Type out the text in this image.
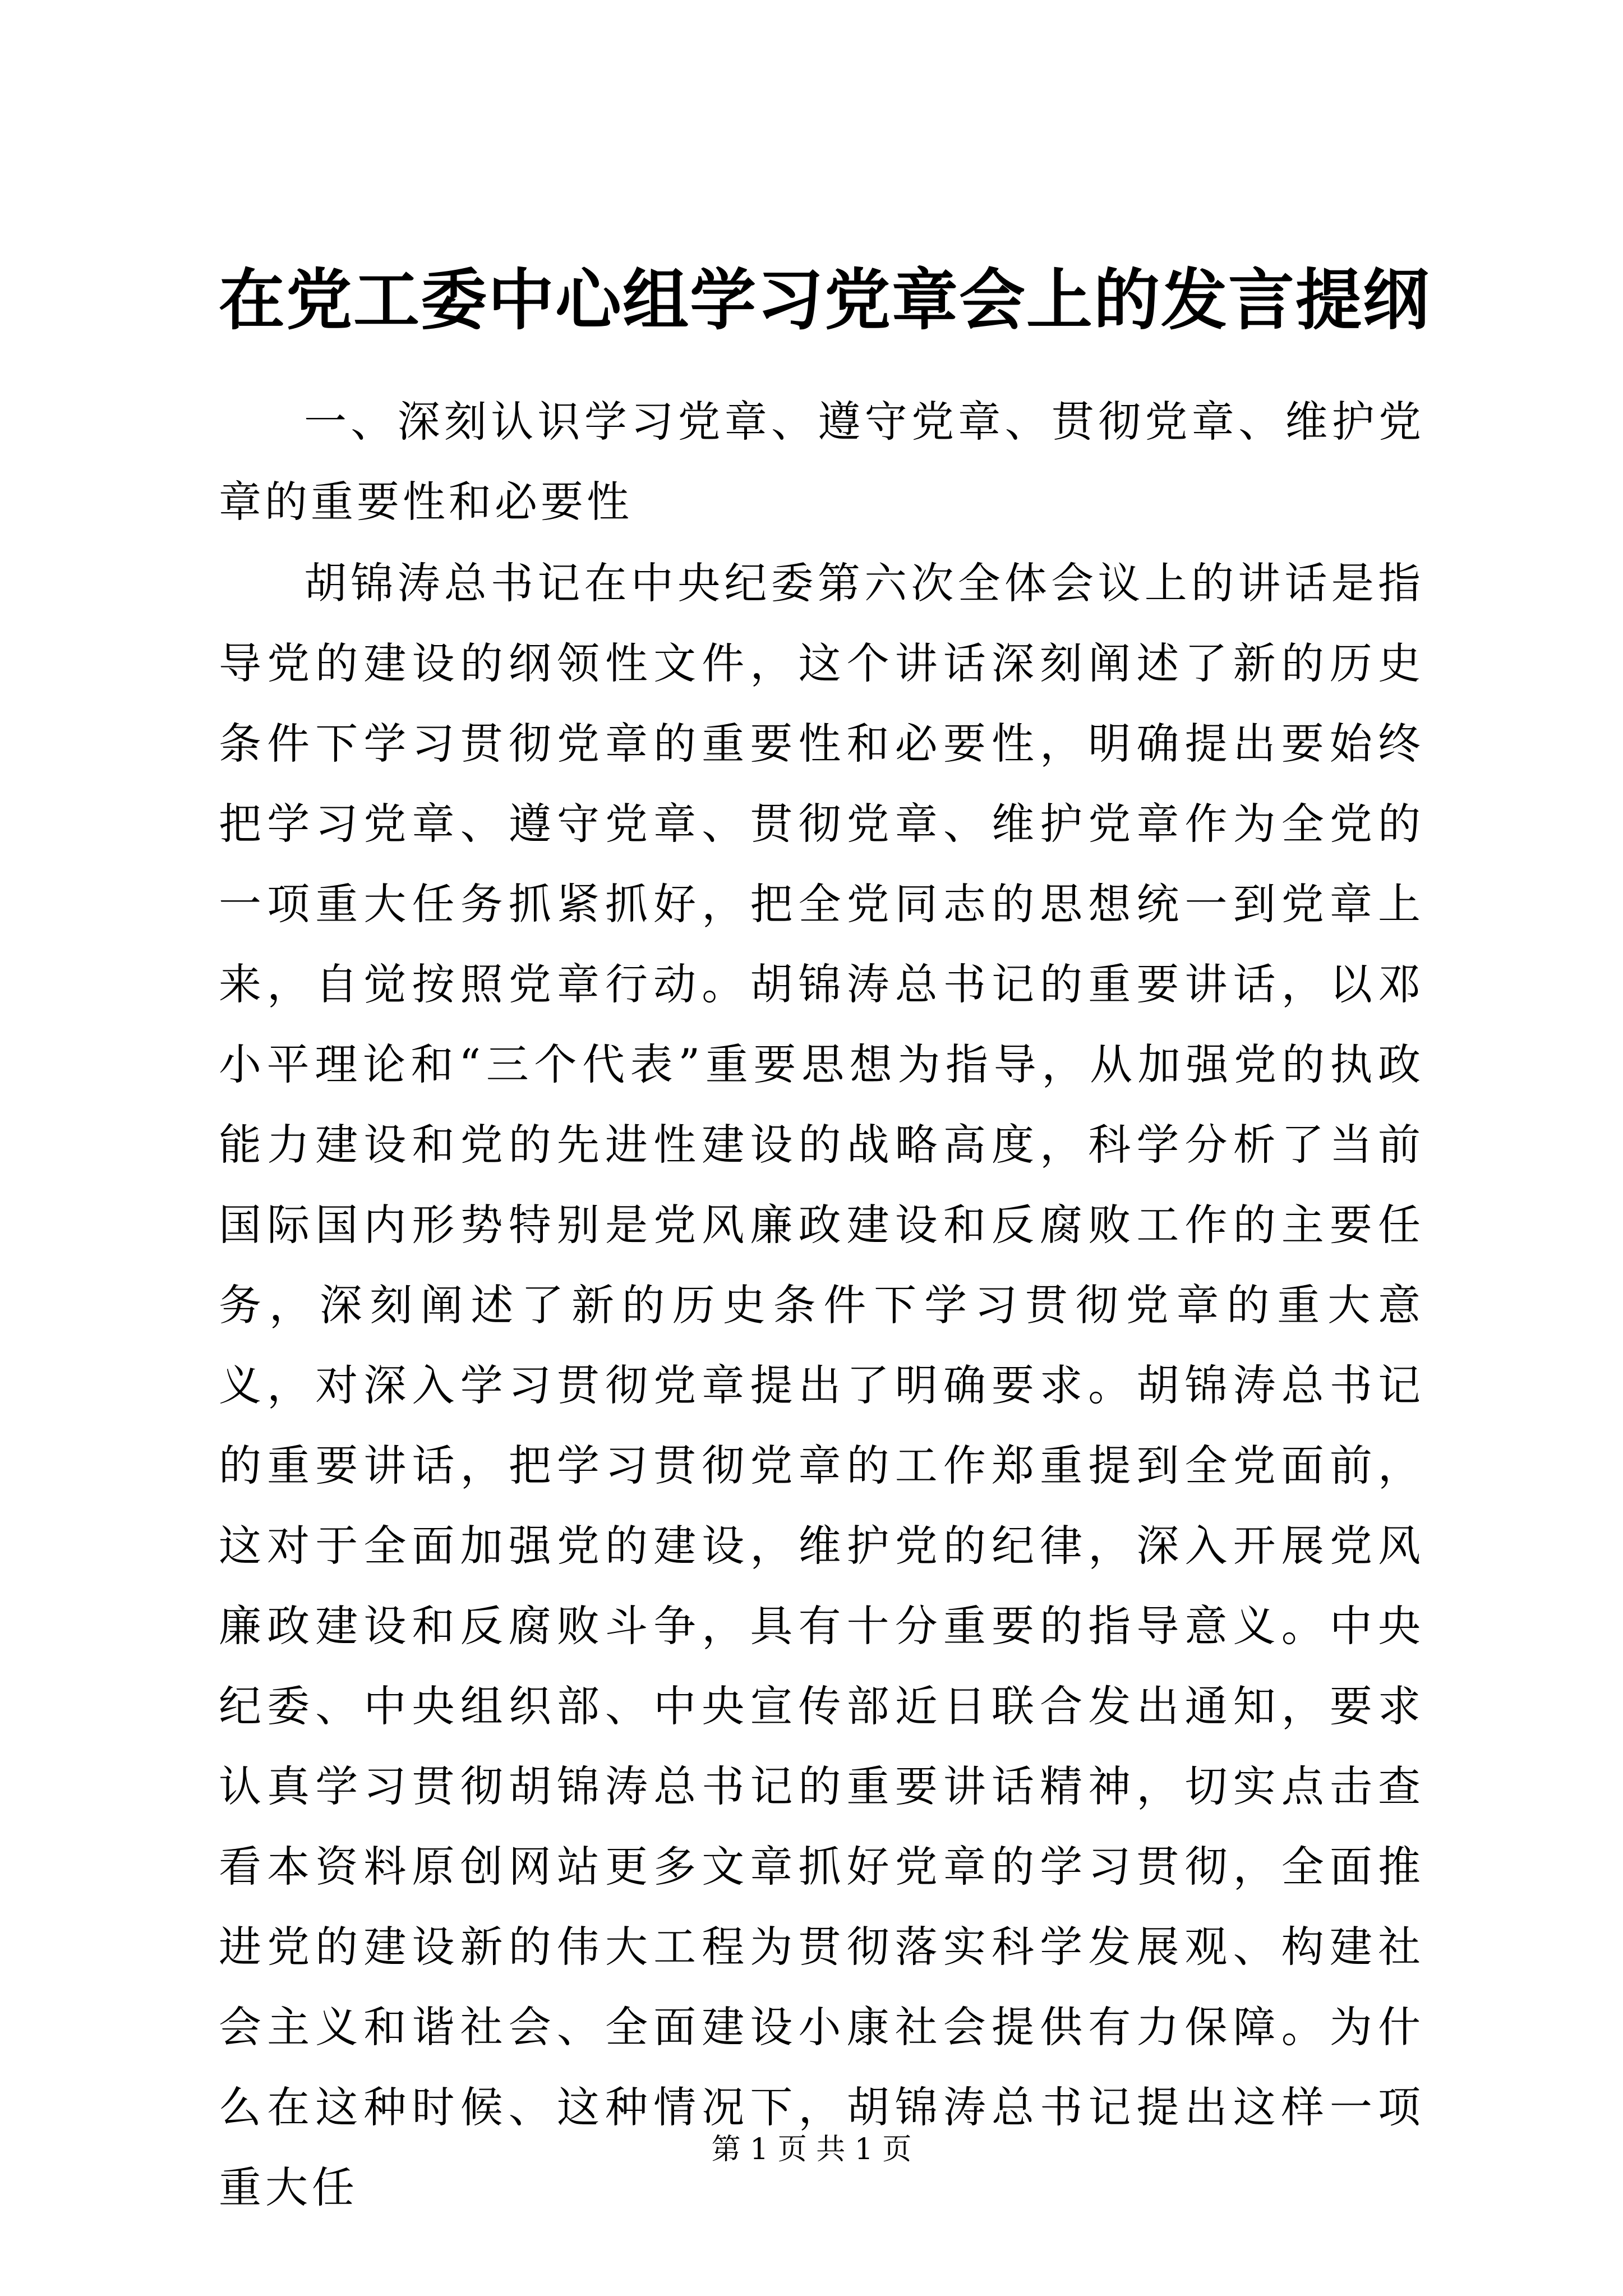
在党工委中心组学习党章会上的发言提纲
一、深刻认识学习党章、遵守党章、贯彻党章、维护党章的重要性和必要性
胡锦涛总书记在中央纪委第六次全体会议上的讲话是指导党的建设的纲领性文件，这个讲话深刻阐述了新的历史条件下学习贯彻党章的重要性和必要性，明确提出要始终把学习党章、遵守党章、贯彻党章、维护党章作为全党的一项重大任务抓紧抓好，把全党同志的思想统一到党章上来，自觉按照党章行动。胡锦涛总书记的重要讲话，以邓小平理论和“三个代表”重要思想为指导，从加强党的执政能力建设和党的先进性建设的战略高度，科学分析了当前国际国内形势特别是党风廉政建设和反腐败工作的主要任务，深刻阐述了新的历史条件下学习贯彻党章的重大意义，对深入学习贯彻党章提出了明确要求。胡锦涛总书记的重要讲话，把学习贯彻党章的工作郑重提到全党面前，这对于全面加强党的建设，维护党的纪律，深入开展党风廉政建设和反腐败斗争，具有十分重要的指导意义。中央纪委、中央组织部、中央宣传部近日联合发出通知，要求认真学习贯彻胡锦涛总书记的重要讲话精神，切实点击查看本资料原创网站更多文章抓好党章的学习贯彻，全面推进党的建设新的伟大工程为贯彻落实科学发展观、构建社会主义和谐社会、全面建设小康社会提供有力保障。为什么在这种时候、这种情况下，胡锦涛总书记提出这样一项重大任
第 1 页 共 1 页
